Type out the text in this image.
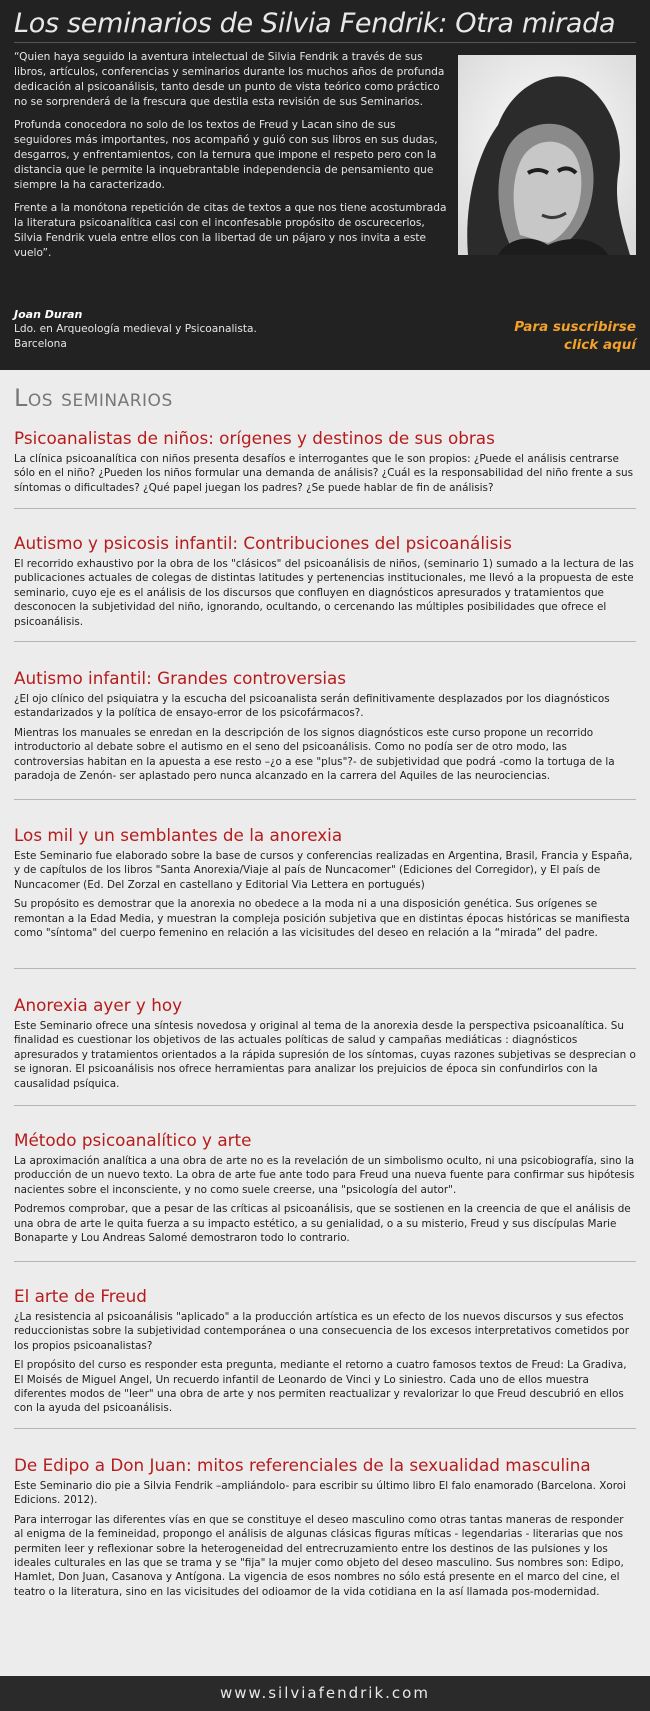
Los seminarios de Silvia Fendrik: Otra mirada

“Quien haya seguido la aventura intelectual de Silvia Fendrik a través de sus libros, artículos, conferencias y seminarios durante los muchos años de profunda dedicación al psicoanálisis, tanto desde un punto de vista teórico como práctico no se sorprenderá de la frescura que destila esta revisión de sus Seminarios.

Profunda conocedora no solo de los textos de Freud y Lacan sino de sus seguidores más importantes, nos acompañó y guió con sus libros en sus dudas, desgarros, y enfrentamientos, con la ternura que impone el respeto pero con la distancia que le permite la inquebrantable independencia de pensamiento que siempre la ha caracterizado.

Frente a la monótona repetición de citas de textos a que nos tiene acostumbrada la literatura psicoanalítica casi con el inconfesable propósito de oscurecerlos, Silvia Fendrik vuela entre ellos con la libertad de un pájaro y nos invita a este vuelo”.

Joan Duran
Ldo. en Arqueología medieval y Psicoanalista.
Barcelona
Para suscribirse
click aquí
Los seminarios
Psicoanalistas de niños: orígenes y destinos de sus obras

La clínica psicoanalítica con niños presenta desafíos e interrogantes que le son propios: ¿Puede el análisis centrarse sólo en el niño? ¿Pueden los niños formular una demanda de análisis? ¿Cuál es la responsabilidad del niño frente a sus síntomas o dificultades? ¿Qué papel juegan los padres? ¿Se puede hablar de fin de análisis?

Autismo y psicosis infantil: Contribuciones del psicoanálisis

El recorrido exhaustivo por la obra de los "clásicos" del psicoanálisis de niños, (seminario 1) sumado a la lectura de las publicaciones actuales de colegas de distintas latitudes y pertenencias institucionales, me llevó a la propuesta de este seminario, cuyo eje es el análisis de los discursos que confluyen en diagnósticos apresurados y tratamientos que desconocen la subjetividad del niño, ignorando, ocultando, o cercenando las múltiples posibilidades que ofrece el psicoanálisis.

Autismo infantil: Grandes controversias

¿El ojo clínico del psiquiatra y la escucha del psicoanalista serán definitivamente desplazados por los diagnósticos estandarizados y la política de ensayo-error de los psicofármacos?.

Mientras los manuales se enredan en la descripción de los signos diagnósticos este curso propone un recorrido introductorio al debate sobre el autismo en el seno del psicoanálisis. Como no podía ser de otro modo, las controversias habitan en la apuesta a ese resto –¿o a ese "plus"?- de subjetividad que podrá -como la tortuga de la paradoja de Zenón- ser aplastado pero nunca alcanzado en la carrera del Aquiles de las neurociencias.

Los mil y un semblantes de la anorexia

Este Seminario fue elaborado sobre la base de cursos y conferencias realizadas en Argentina, Brasil, Francia y España, y de capítulos de los libros "Santa Anorexia/Viaje al país de Nuncacomer" (Ediciones del Corregidor), y El país de Nuncacomer (Ed. Del Zorzal en castellano y Editorial Via Lettera en portugués)

Su propósito es demostrar que la anorexia no obedece a la moda ni a una disposición genética. Sus orígenes se remontan a la Edad Media, y muestran la compleja posición subjetiva que en distintas épocas históricas se manifiesta como "síntoma" del cuerpo femenino en relación a las vicisitudes del deseo en relación a la “mirada” del padre.

Anorexia ayer y hoy

Este Seminario ofrece una síntesis novedosa y original al tema de la anorexia desde la perspectiva psicoanalítica. Su finalidad es cuestionar los objetivos de las actuales políticas de salud y campañas mediáticas : diagnósticos apresurados y tratamientos orientados a la rápida supresión de los síntomas, cuyas razones subjetivas se desprecian o se ignoran. El psicoanálisis nos ofrece herramientas para analizar los prejuicios de época sin confundirlos con la causalidad psíquica.

Método psicoanalítico y arte

La aproximación analítica a una obra de arte no es la revelación de un simbolismo oculto, ni una psicobiografía, sino la producción de un nuevo texto. La obra de arte fue ante todo para Freud una nueva fuente para confirmar sus hipótesis nacientes sobre el inconsciente, y no como suele creerse, una "psicología del autor".

Podremos comprobar, que a pesar de las críticas al psicoanálisis, que se sostienen en la creencia de que el análisis de una obra de arte le quita fuerza a su impacto estético, a su genialidad, o a su misterio, Freud y sus discípulas Marie Bonaparte y Lou Andreas Salomé demostraron todo lo contrario.

El arte de Freud

¿La resistencia al psicoanálisis "aplicado" a la producción artística es un efecto de los nuevos discursos y sus efectos reduccionistas sobre la subjetividad contemporánea o una consecuencia de los excesos interpretativos cometidos por los propios psicoanalistas?

El propósito del curso es responder esta pregunta, mediante el retorno a cuatro famosos textos de Freud: La Gradiva, El Moisés de Miguel Angel, Un recuerdo infantil de Leonardo de Vinci y Lo siniestro. Cada uno de ellos muestra diferentes modos de "leer" una obra de arte y nos permiten reactualizar y revalorizar lo que Freud descubrió en ellos con la ayuda del psicoanálisis.

De Edipo a Don Juan: mitos referenciales de la sexualidad masculina

Este Seminario dio pie a Silvia Fendrik –ampliándolo- para escribir su último libro El falo enamorado (Barcelona. Xoroi Edicions. 2012).

Para interrogar las diferentes vías en que se constituye el deseo masculino como otras tantas maneras de responder al enigma de la femineidad, propongo el análisis de algunas clásicas figuras míticas - legendarias - literarias que nos permiten leer y reflexionar sobre la heterogeneidad del entrecruzamiento entre los destinos de las pulsiones y los ideales culturales en las que se trama y se "fija" la mujer como objeto del deseo masculino. Sus nombres son: Edipo, Hamlet, Don Juan, Casanova y Antígona. La vigencia de esos nombres no sólo está presente en el marco del cine, el teatro o la literatura, sino en las vicisitudes del odioamor de la vida cotidiana en la así llamada pos-modernidad.

www.silviafendrik.com
